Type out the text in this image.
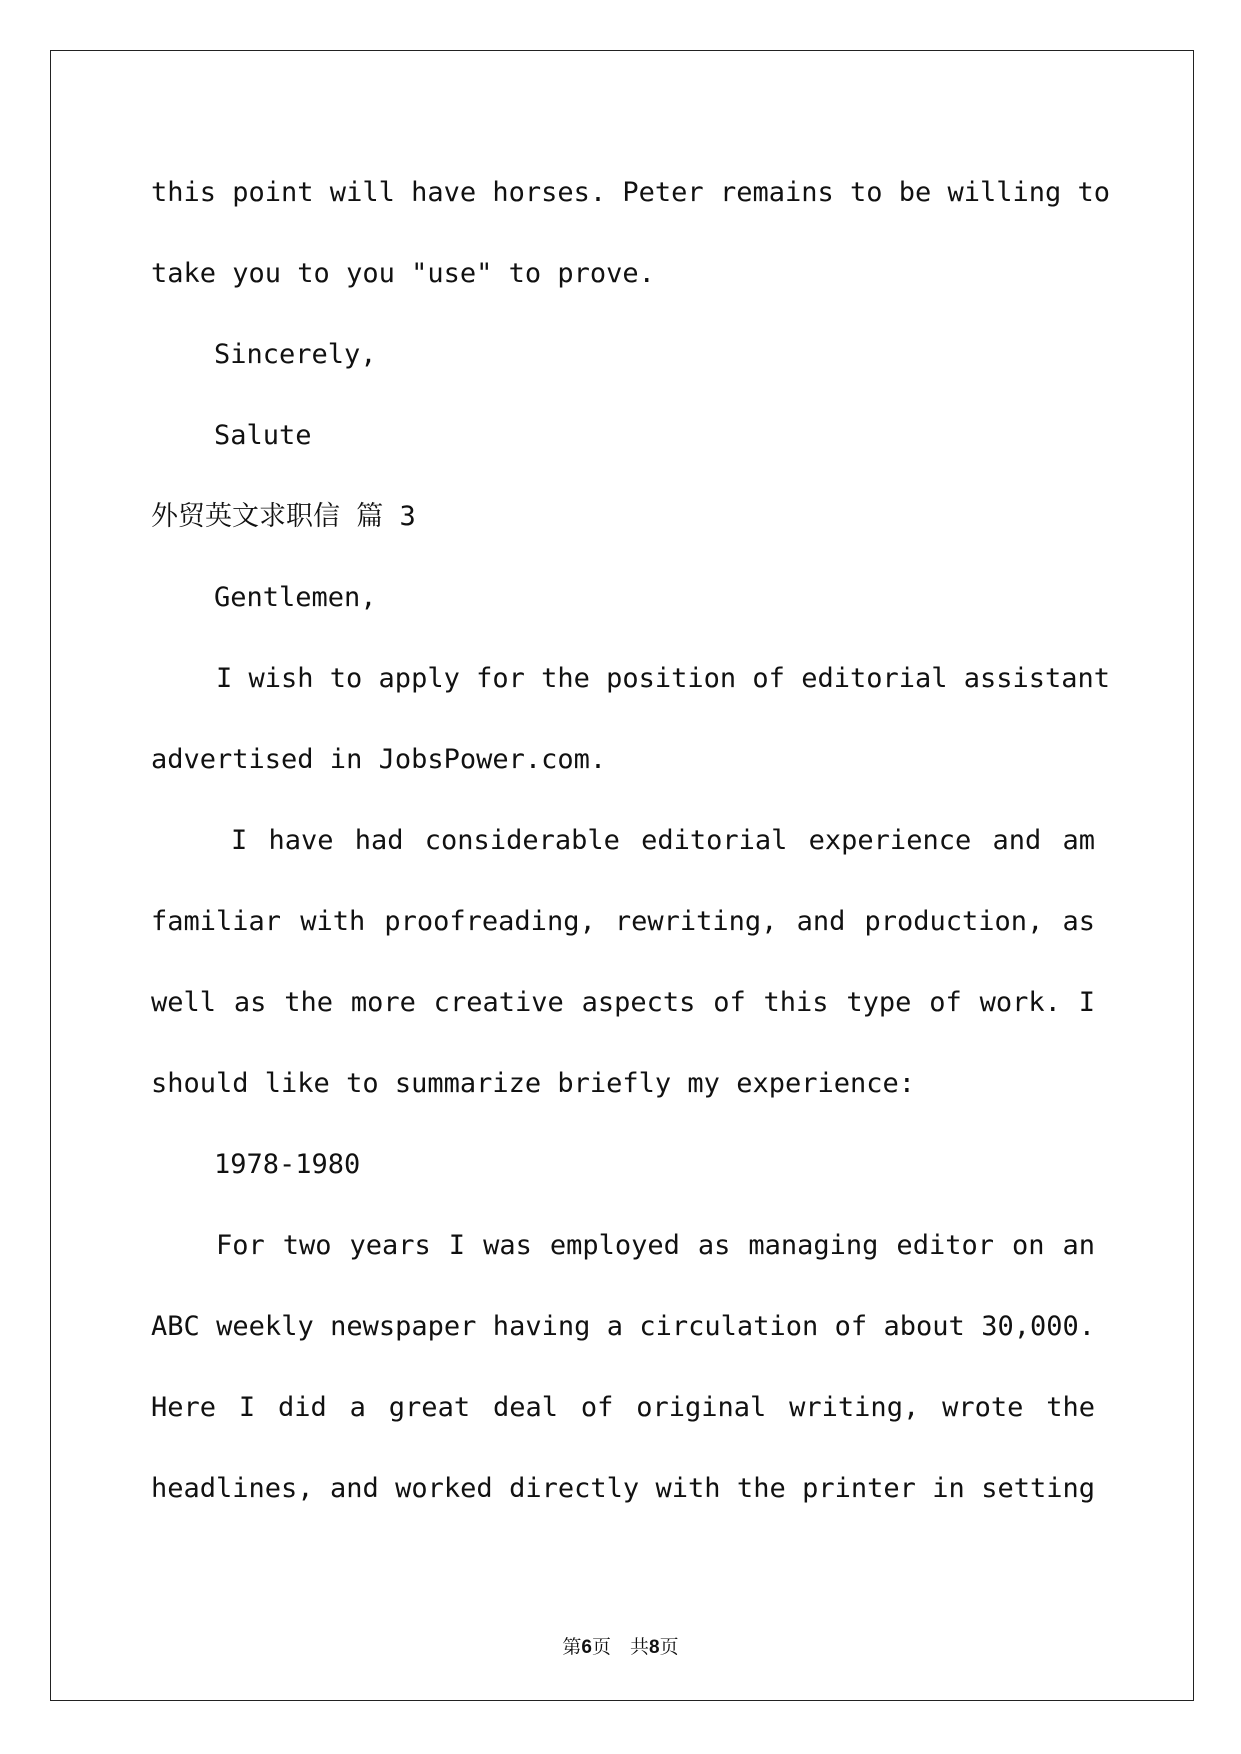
this point will have horses. Peter remains to be willing to
take you to you "use" to prove.
Sincerely,
Salute
外贸英文求职信 篇 3
Gentlemen,
I wish to apply for the position of editorial assistant
advertised in JobsPower.com.
I have had considerable editorial experience and am
familiar with proofreading, rewriting, and production, as
well as the more creative aspects of this type of work. I
should like to summarize briefly my experience:
1978-1980
For two years I was employed as managing editor on an
ABC weekly newspaper having a circulation of about 30,000.
Here I did a great deal of original writing, wrote the
headlines, and worked directly with the printer in setting
第6页　共8页
